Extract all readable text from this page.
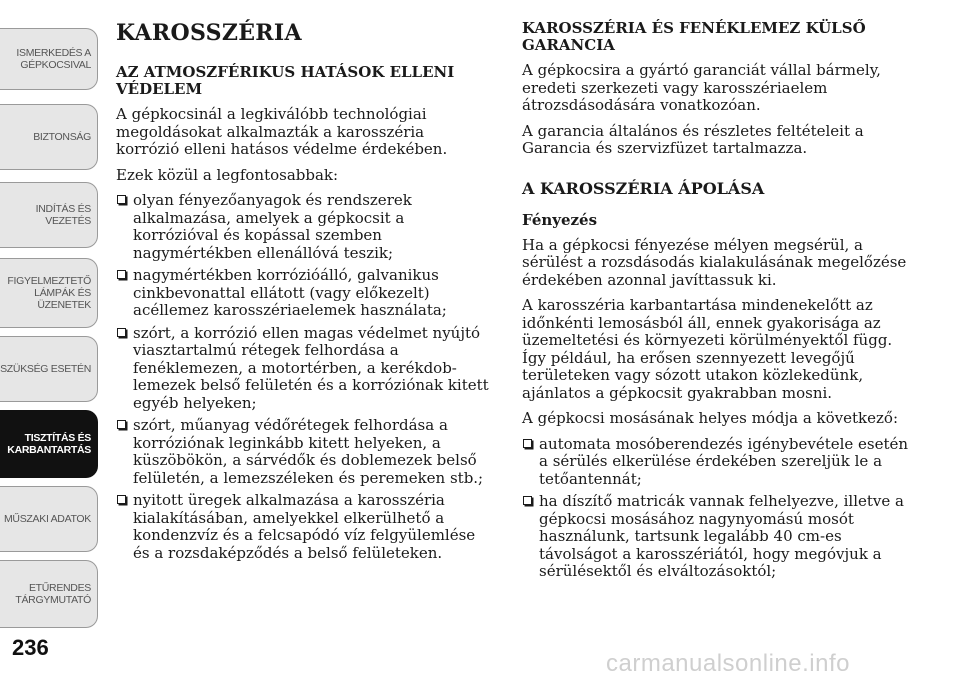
ISMERKEDÉS A
GÉPKOCSIVAL
BIZTONSÁG
INDÍTÁS ÉS
VEZETÉS
FIGYELMEZTETŐ
LÁMPÁK ÉS
ÜZENETEK
SZÜKSÉG ESETÉN
TISZTÍTÁS ÉS
KARBANTARTÁS
MŰSZAKI ADATOK
ETŰRENDES
TÁRGYMUTATÓ
236
carmanualsonline.info
KAROSSZÉRIA
AZ ATMOSZFÉRIKUS HATÁSOK ELLENI VÉDELEM

A gépkocsinál a legkiválóbb technológiai megoldásokat alkalmazták a karosszéria korrózió elleni hatásos védelme érdekében.

Ezek közül a legfontosabbak:

olyan fényezőanyagok és rendszerek alkalmazása, amelyek a gépkocsit a korrózióval és kopással szemben nagymértékben ellenállóvá teszik;
nagymértékben korrózióálló, galvanikus cinkbevonattal ellátott (vagy előkezelt) acéllemez karosszériaelemek használata;
szórt, a korrózió ellen magas védelmet nyújtó viasztartalmú rétegek felhordása a fenéklemezen, a motortérben, a kerékdob-lemezek belső felületén és a korróziónak kitett egyéb helyeken;
szórt, műanyag védőrétegek felhordása a korróziónak leginkább kitett helyeken, a küszöbökön, a sárvédők és doblemezek belső felületén, a lemezszéleken és peremeken stb.;
nyitott üregek alkalmazása a karosszéria kialakításában, amelyekkel elkerülhető a kondenzvíz és a felcsapódó víz felgyülemlése és a rozsdaképződés a belső felületeken.
KAROSSZÉRIA ÉS FENÉKLEMEZ KÜLSŐ GARANCIA

A gépkocsira a gyártó garanciát vállal bármely, eredeti szerkezeti vagy karosszériaelem átrozsdásodására vonatkozóan.

A garancia általános és részletes feltételeit a Garancia és szervizfüzet tartalmazza.

A KAROSSZÉRIA ÁPOLÁSA
Fényezés

Ha a gépkocsi fényezése mélyen megsérül, a sérülést a rozsdásodás kialakulásának megelőzése érdekében azonnal javíttassuk ki.

A karosszéria karbantartása mindenekelőtt az időnkénti lemosásból áll, ennek gyakorisága az üzemeltetési és környezeti körülményektől függ. Így például, ha erősen szennyezett levegőjű területeken vagy sózott utakon közlekedünk, ajánlatos a gépkocsit gyakrabban mosni.

A gépkocsi mosásának helyes módja a következő:

automata mosóberendezés igénybevétele esetén a sérülés elkerülése érdekében szereljük le a tetőantennát;
ha díszítő matricák vannak felhelyezve, illetve a gépkocsi mosásához nagynyomású mosót használunk, tartsunk legalább 40 cm-es távolságot a karosszériától, hogy megóvjuk a sérülésektől és elváltozásoktól;
